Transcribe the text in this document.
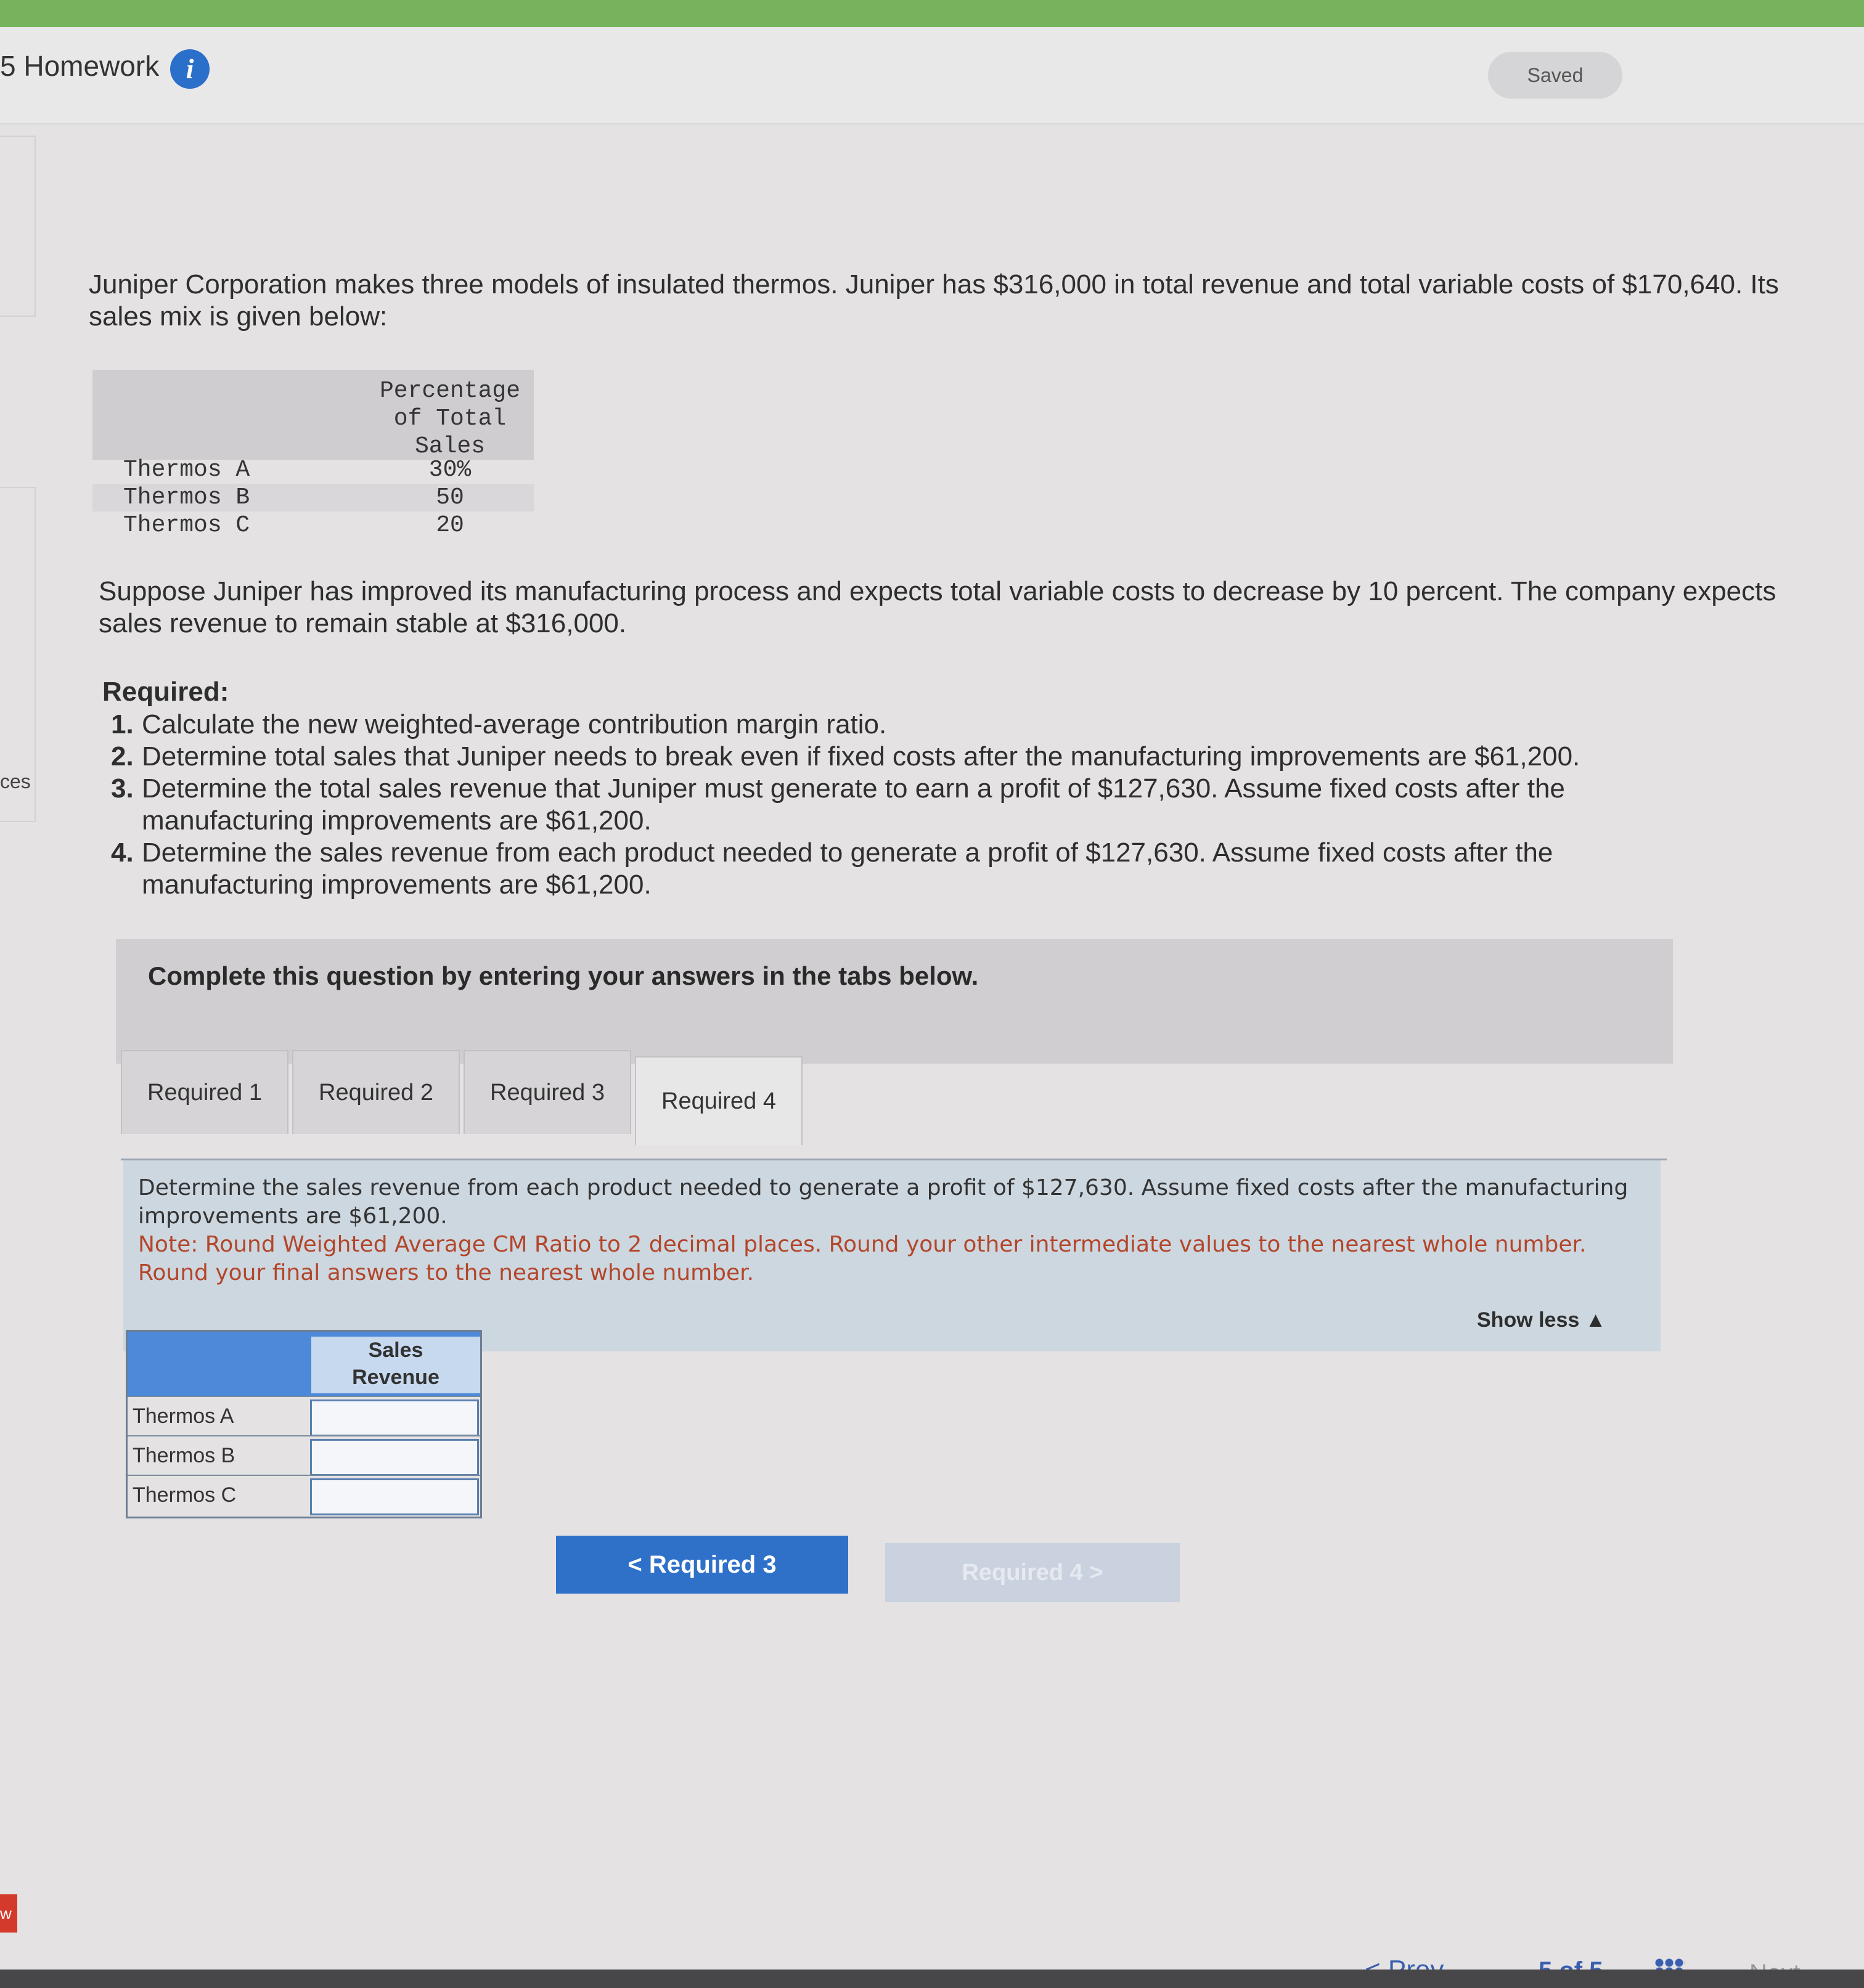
5 Homework i	Saved
ces
w
Juniper Corporation makes three models of insulated thermos. Juniper has $316,000 in total revenue and total variable costs of $170,640. Its sales mix is given below:
Percentage
of Total
Sales
Thermos A	30%
Thermos B	50
Thermos C	20
Suppose Juniper has improved its manufacturing process and expects total variable costs to decrease by 10 percent. The company expects sales revenue to remain stable at $316,000.
Required:
1. Calculate the new weighted-average contribution margin ratio.
2. Determine total sales that Juniper needs to break even if fixed costs after the manufacturing improvements are $61,200.
3. Determine the total sales revenue that Juniper must generate to earn a profit of $127,630. Assume fixed costs after the manufacturing improvements are $61,200.
4. Determine the sales revenue from each product needed to generate a profit of $127,630. Assume fixed costs after the manufacturing improvements are $61,200.
Complete this question by entering your answers in the tabs below.
Required 1	Required 2	Required 3	Required 4
Determine the sales revenue from each product needed to generate a profit of $127,630. Assume fixed costs after the manufacturing improvements are $61,200.
Note: Round Weighted Average CM Ratio to 2 decimal places. Round your other intermediate values to the nearest whole number. Round your final answers to the nearest whole number.
Show less ▲
Sales
Revenue
Thermos A
Thermos B
Thermos C
< Required 3	Required 4 >
